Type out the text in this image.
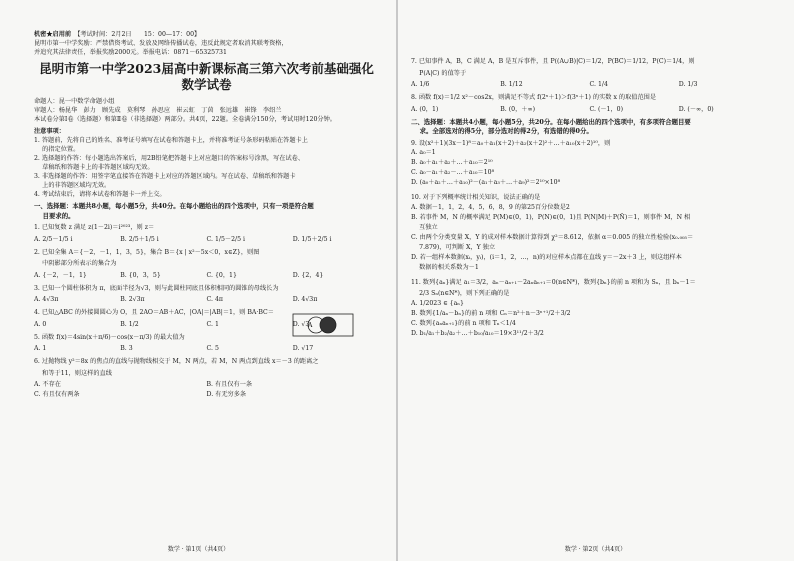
机密★启用前　 【考试时间：2月2日　　15：00—17：00】
昆明市第一中学奖励：严禁借资考试、发放及网络传播试卷，违反此规定者取消其联考资格，
并追究其法律责任，举报奖励2000元。举报电话：0871－65325731
昆明市第一中学2023届高中新课标高三第六次考前基础强化
数学试卷
命题人：昆一中数学命题小组
审题人：杨昆华　彭力　顾先成　莫利琴　孙思应　崔云虹　丁茵　张远雄　崔锋　李绍兰
本试卷分第Ⅰ卷（选择题）和第Ⅱ卷（非选择题）两部分。共4页，22题。全卷满分150分，考试用时120分钟。
注意事项：
1. 答题前，先将自己的姓名、准考证号填写在试卷和答题卡上，并将准考证号条形码粘贴在答题卡上
　 的指定位置。
2. 选择题的作答：每小题选出答案后，用2B铅笔把答题卡上对应题目的答案标号涂黑，写在试卷、
　 草稿纸和答题卡上的非答题区域均无效。
3. 非选择题的作答：用签字笔直接答在答题卡上对应的答题区域内。写在试卷、草稿纸和答题卡
　 上的非答题区域均无效。
4. 考试结束后，请将本试卷和答题卡一并上交。
一、选择题：本题共8小题，每小题5分，共40分。在每小题给出的四个选项中，只有一项是符合题
　 目要求的。
1. 已知复数 z 满足 z(1－2i)＝i²⁰²³，则 z＝
A. 2/5－1/5 i	B. 2/5＋1/5 i	C. 1/5－2/5 i	D. 1/5＋2/5 i
2. 已知全集 A＝{－2，－1，1，3，5}，集合 B＝{x | x²－5x＜0，x∈Z}，则图
　 中阴影部分所表示的集合为
A. {－2，－1，1}	B. {0，3，5}	C. {0，1}	D. {2，4}
3. 已知一个圆柱体积为 π，底面半径为√3，则与此圆柱同底且体积相同的圆锥的母线长为
A. 4√3π	B. 2√3π	C. 4π	D. 4√3π
4. 已知△ABC 的外接圆圆心为 O，且 2AO＝AB＋AC，|OA|＝|AB|＝1，则 BA·BC＝
A. 0	B. 1/2	C. 1	D. √3
5. 函数 f(x)＝4sin(x＋π/6)－cos(x－π/3) 的最大值为
A. 1	B. 3	C. 5	D. √17
6. 过抛物线 y²＝8x 的焦点的直线与抛物线相交于 M，N 两点，若 M，N 两点到直线 x＝－3 的距离之
　 和等于11，则这样的直线
A. 不存在	B. 有且仅有一条
C. 有且仅有两条	D. 有无穷多条
数学 · 第1页（共4页）
A
7. 已知事件 A，B，C 满足 A，B 是互斥事件，且 P((A∪B)|C)＝1/2，P(BC)＝1/12，P(C)＝1/4，则
　 P(A|C) 的值等于
A. 1/6	B. 1/12	C. 1/4	D. 1/3
8. 函数 f(x)＝1/2 x²－cos2x，则满足不等式 f(2ˣ＋1)＞f(3ˣ＋1) 的实数 x 的取值范围是
A. (0，1)	B. (0，＋∞)	C. (－1，0)	D. (－∞，0)
二、选择题：本题共4小题，每小题5分，共20分。在每小题给出的四个选项中，有多项符合题目要
　 求。全部选对的得5分，部分选对的得2分，有选错的得0分。
9. 设(x²＋1)(3x－1)⁸＝a₀＋a₁(x＋2)＋a₂(x＋2)²＋…＋a₁₀(x＋2)¹⁰，则
A. a₀＝1
B. a₀＋a₁＋a₂＋…＋a₁₀＝2¹⁰
C. a₀－a₁＋a₂－…＋a₁₀＝10⁸
D. (a₀＋a₂＋…＋a₁₀)²－(a₁＋a₃＋…＋a₉)²＝2¹⁰×10⁸
10. 对于下列概率统计相关知识，说法正确的是
A. 数据－1，1，2，4，5，6，8，9 的第25百分位数是2
B. 若事件 M，N 的概率满足 P(M)∈(0，1)，P(N)∈(0，1)且 P(N|M)＋P(N̄)＝1，则事件 M，N 相
　 互独立
C. 由两个分类变量 X，Y 的成对样本数据计算得到 χ²＝8.612，依据 α＝0.005 的独立性检验(x₀.₀₀₅＝
　 7.879)，可判断 X，Y 独立
D. 若一组样本数据(xᵢ，yᵢ)，(i＝1，2，…，n)的对应样本点都在直线 y＝－2x＋3 上，则这组样本
　 数据的相关系数为－1
11. 数列{aₙ}满足 a₁＝3/2，aₙ－aₙ₊₁－2aₙaₙ₊₁＝0(n∈N*)，数列{bₙ}的前 n 项和为 Sₙ，且 bₙ－1＝
　 2/3 Sₙ(n∈N*)，则下列正确的是
A. 1/2023 ∈ {aₙ}
B. 数列{1/aₙ－bₙ}的前 n 项和 Cₙ＝n²＋n－3ⁿ⁺¹/2＋3/2
C. 数列{aₙaₙ₊₁}的前 n 项和 Tₙ＜1/4
D. b₁/a₁＋b₂/a₂＋…＋b₁₀/a₁₀＝19×3¹¹/2＋3/2
数学 · 第2页（共4页）
